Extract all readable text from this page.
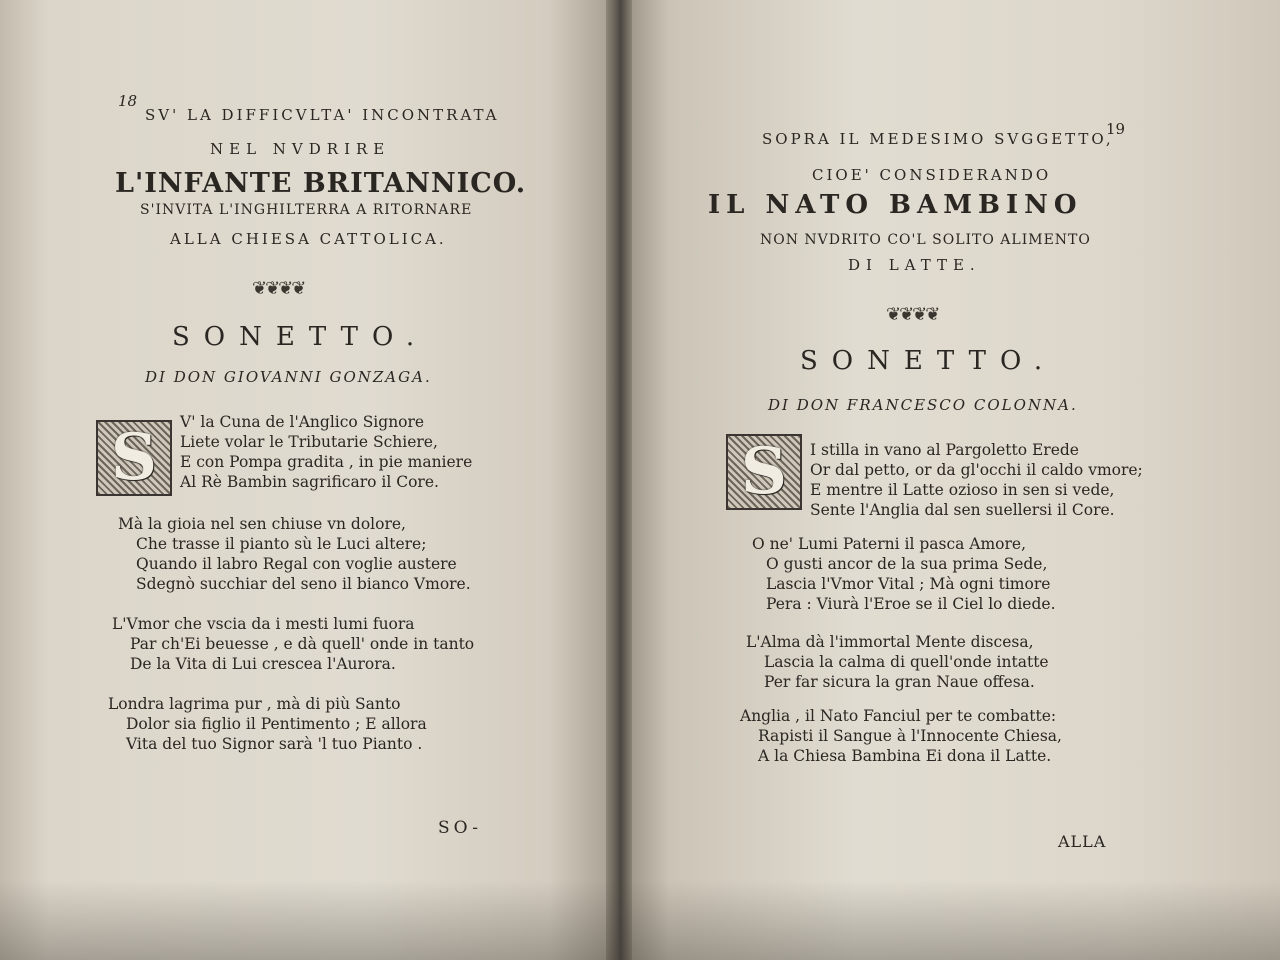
18
SV' LA DIFFICVLTA' INCONTRATA
NEL NVDRIRE
L'INFANTE BRITANNICO.
S'INVITA L'INGHILTERRA A RITORNARE
ALLA CHIESA CATTOLICA.
❦❦❦❦
SONETTO.
DI DON GIOVANNI GONZAGA.
S V' la Cuna de l'Anglico Signore
Liete volar le Tributarie Schiere,
E con Pompa gradita , in pie maniere
Al Rè Bambin sagrificaro il Core.
Mà la gioia nel sen chiuse vn dolore,
Che trasse il pianto sù le Luci altere;
Quando il labro Regal con voglie austere
Sdegnò succhiar del seno il bianco Vmore.
L'Vmor che vscia da i mesti lumi fuora
Par ch'Ei beuesse , e dà quell' onde in tanto
De la Vita di Lui crescea l'Aurora.
Londra lagrima pur , mà di più Santo
Dolor sia figlio il Pentimento ; E allora
Vita del tuo Signor sarà 'l tuo Pianto .
SO-
19
SOPRA IL MEDESIMO SVGGETTO,
CIOE' CONSIDERANDO
IL NATO BAMBINO
NON NVDRITO CO'L SOLITO ALIMENTO
DI LATTE.
❦❦❦❦
SONETTO.
DI DON FRANCESCO COLONNA.
S I stilla in vano al Pargoletto Erede
Or dal petto, or da gl'occhi il caldo vmore;
E mentre il Latte ozioso in sen si vede,
Sente l'Anglia dal sen suellersi il Core.
O ne' Lumi Paterni il pasca Amore,
O gusti ancor de la sua prima Sede,
Lascia l'Vmor Vital ; Mà ogni timore
Pera : Viurà l'Eroe se il Ciel lo diede.
L'Alma dà l'immortal Mente discesa,
Lascia la calma di quell'onde intatte
Per far sicura la gran Naue offesa.
Anglia , il Nato Fanciul per te combatte:
Rapisti il Sangue à l'Innocente Chiesa,
A la Chiesa Bambina Ei dona il Latte.
ALLA
